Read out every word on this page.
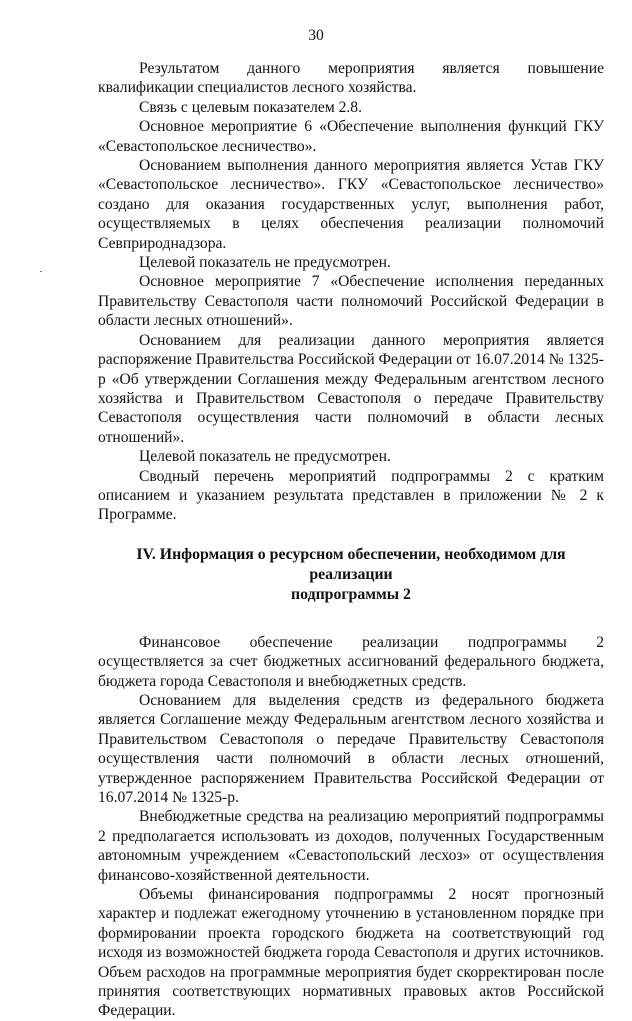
30

Результатом данного мероприятия является повышение квалификации специалистов лесного хозяйства.

Связь с целевым показателем 2.8.

Основное мероприятие 6 «Обеспечение выполнения функций ГКУ «Севастопольское лесничество».

Основанием выполнения данного мероприятия является Устав ГКУ «Севастопольское лесничество». ГКУ «Севастопольское лесничество» создано для оказания государственных услуг, выполнения работ, осуществляемых в целях обеспечения реализации полномочий Севприроднадзора.

Целевой показатель не предусмотрен.

Основное мероприятие 7 «Обеспечение исполнения переданных Правительству Севастополя части полномочий Российской Федерации в области лесных отношений».

Основанием для реализации данного мероприятия является распоряжение Правительства Российской Федерации от 16.07.2014 № 1325-р «Об утверждении Соглашения между Федеральным агентством лесного хозяйства и Правительством Севастополя о передаче Правительству Севастополя осуществления части полномочий в области лесных отношений».

Целевой показатель не предусмотрен.

Сводный перечень мероприятий подпрограммы 2 с кратким описанием и указанием результата представлен в приложении № 2 к Программе.

IV. Информация о ресурсном обеспечении, необходимом для реализации
подпрограммы 2

Финансовое обеспечение реализации подпрограммы 2 осуществляется за счет бюджетных ассигнований федерального бюджета, бюджета города Севастополя и внебюджетных средств.

Основанием для выделения средств из федерального бюджета является Соглашение между Федеральным агентством лесного хозяйства и Правительством Севастополя о передаче Правительству Севастополя осуществления части полномочий в области лесных отношений, утвержденное распоряжением Правительства Российской Федерации от 16.07.2014 № 1325-р.

Внебюджетные средства на реализацию мероприятий подпрограммы 2 предполагается использовать из доходов, полученных Государственным автономным учреждением «Севастопольский лесхоз» от осуществления финансово-хозяйственной деятельности.

Объемы финансирования подпрограммы 2 носят прогнозный характер и подлежат ежегодному уточнению в установленном порядке при формировании проекта городского бюджета на соответствующий год исходя из возможностей бюджета города Севастополя и других источников. Объем расходов на программные мероприятия будет скорректирован после принятия соответствующих нормативных правовых актов Российской Федерации.
